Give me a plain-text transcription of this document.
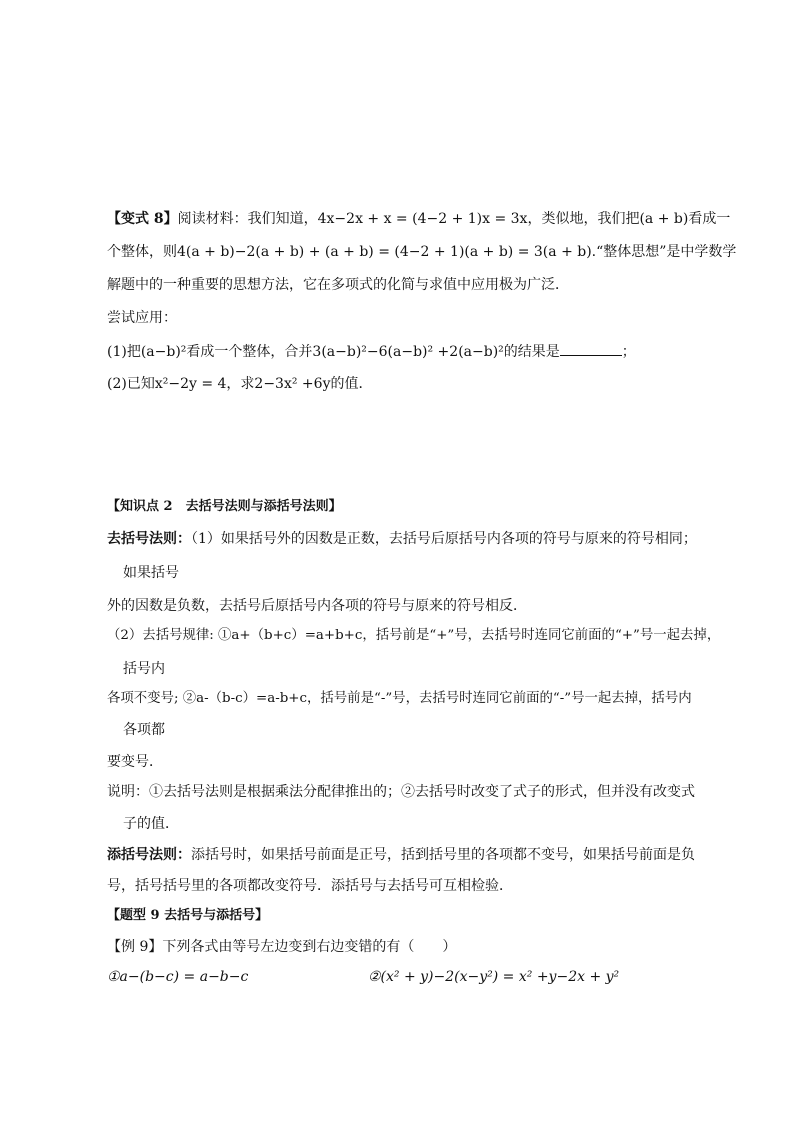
【变式 8】阅读材料：我们知道，4x−2x + x = (4−2 + 1)x = 3x，类似地，我们把(a + b)看成一
个整体，则4(a + b)−2(a + b) + (a + b) = (4−2 + 1)(a + b) = 3(a + b).“整体思想”是中学数学
解题中的一种重要的思想方法，它在多项式的化简与求值中应用极为广泛．
尝试应用：
(1)把(a−b)²看成一个整体，合并3(a−b)²−6(a−b)² +2(a−b)²的结果是	；
(2)已知x²−2y = 4，求2−3x² +6y的值．
【知识点 2　去括号法则与添括号法则】
去括号法则：（1）如果括号外的因数是正数，去括号后原括号内各项的符号与原来的符号相同；
如果括号
外的因数是负数，去括号后原括号内各项的符号与原来的符号相反．
（2）去括号规律: ①a+（b+c）=a+b+c，括号前是“+”号，去括号时连同它前面的“+”号一起去掉，
括号内
各项不变号; ②a-（b-c）=a-b+c，括号前是“-”号，去括号时连同它前面的“-”号一起去掉，括号内
各项都
要变号．
说明：①去括号法则是根据乘法分配律推出的；②去括号时改变了式子的形式，但并没有改变式
子的值．
添括号法则：添括号时，如果括号前面是正号，括到括号里的各项都不变号，如果括号前面是负
号，括号括号里的各项都改变符号．添括号与去括号可互相检验．
【题型 9 去括号与添括号】
【例 9】下列各式由等号左边变到右边变错的有（　　）
①a−(b−c) = a−b−c	②(x² + y)−2(x−y²) = x² +y−2x + y²
